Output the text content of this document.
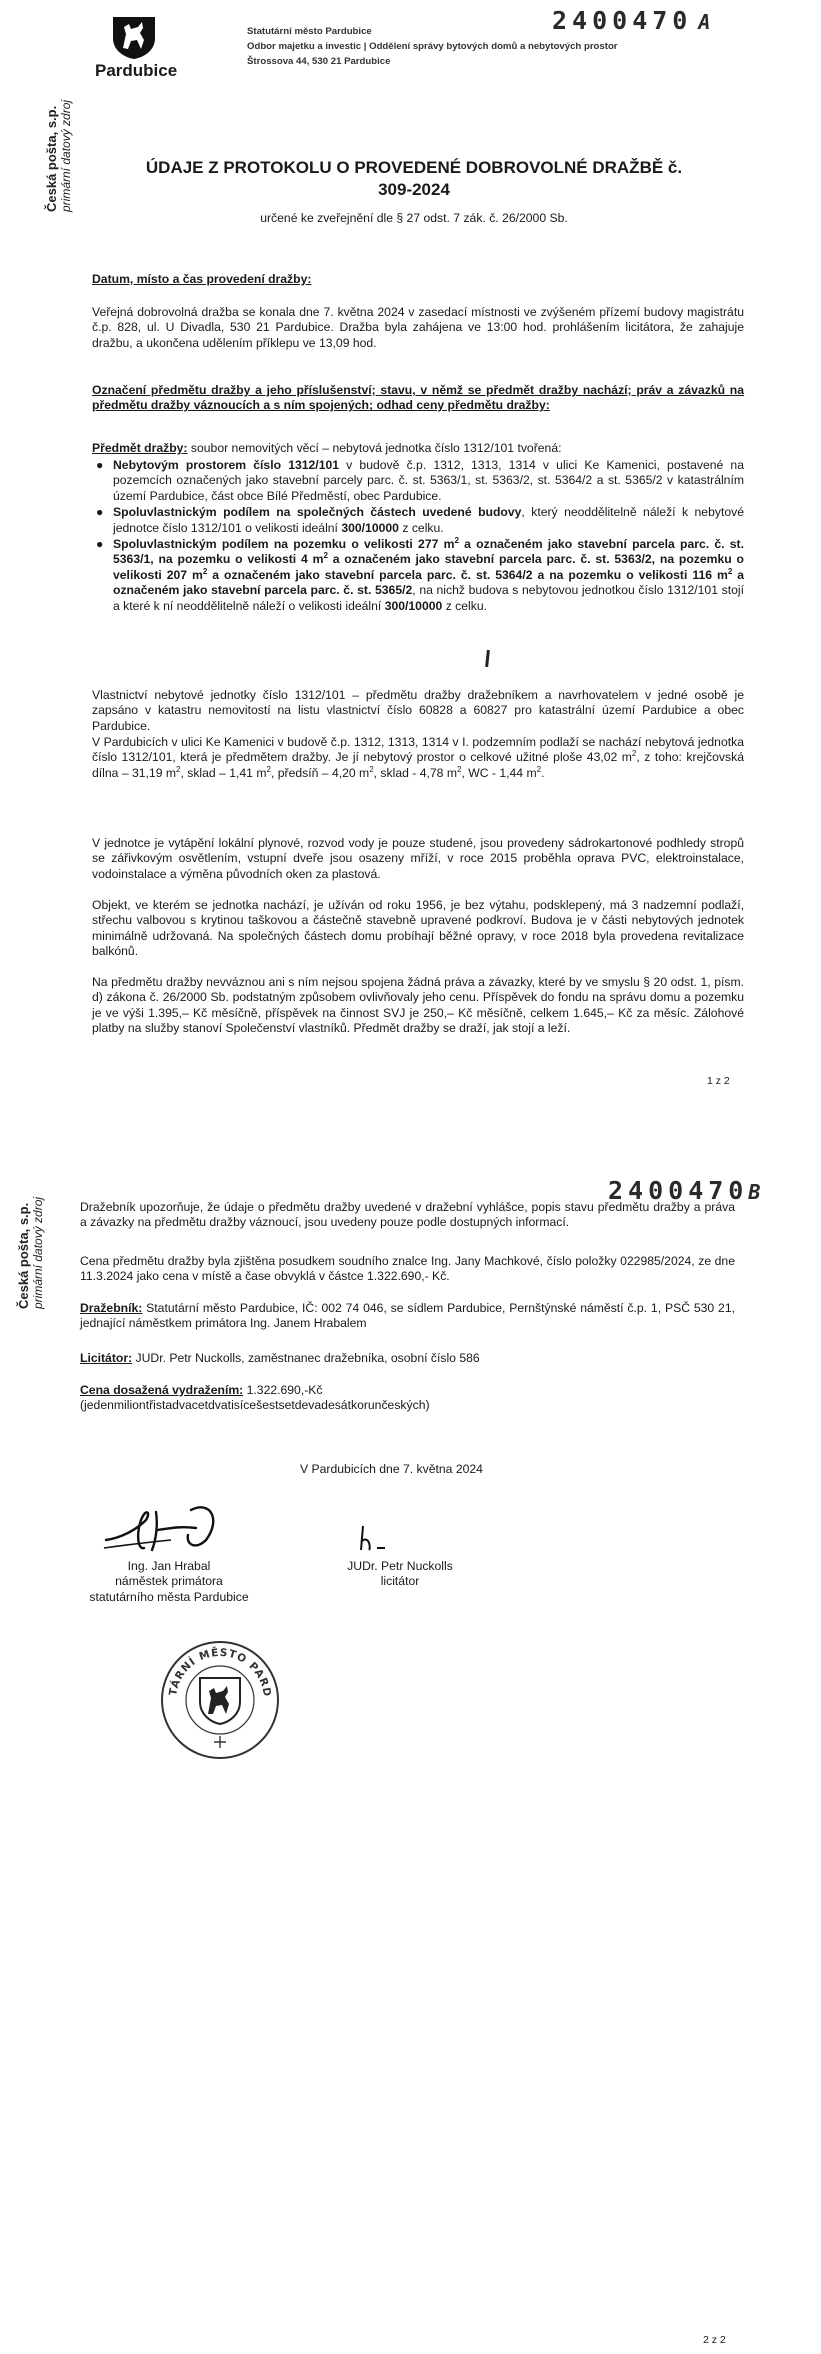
Česká pošta, s.p. primární datový zdroj
Pardubice
Statutární město Pardubice
Odbor majetku a investic | Oddělení správy bytových domů a nebytových prostor
Štrossova 44, 530 21 Pardubice
2400470 A
ÚDAJE Z PROTOKOLU O PROVEDENÉ DOBROVOLNÉ DRAŽBĚ č.
309-2024
určené ke zveřejnění dle § 27 odst. 7 zák. č. 26/2000 Sb.
Datum, místo a čas provedení dražby:
Veřejná dobrovolná dražba se konala dne 7. května 2024 v zasedací místnosti ve zvýšeném přízemí budovy magistrátu č.p. 828, ul. U Divadla, 530 21 Pardubice. Dražba byla zahájena ve 13:00 hod. prohlášením licitátora, že zahajuje dražbu, a ukončena udělením příklepu ve 13,09 hod.
Označení předmětu dražby a jeho příslušenství; stavu, v němž se předmět dražby nachází; práv a závazků na předmětu dražby váznoucích a s ním spojených; odhad ceny předmětu dražby:
Předmět dražby: soubor nemovitých věcí – nebytová jednotka číslo 1312/101 tvořená:
● Nebytovým prostorem číslo 1312/101 v budově č.p. 1312, 1313, 1314 v ulici Ke Kamenici, postavené na pozemcích označených jako stavební parcely parc. č. st. 5363/1, st. 5363/2, st. 5364/2 a st. 5365/2 v katastrálním území Pardubice, část obce Bílé Předměstí, obec Pardubice.
● Spoluvlastnickým podílem na společných částech uvedené budovy, který neoddělitelně náleží k nebytové jednotce číslo 1312/101 o velikosti ideální 300/10000 z celku.
● Spoluvlastnickým podílem na pozemku o velikosti 277 $m^2$ a označeném jako stavební parcela parc. č. st. 5363/1, na pozemku o velikosti 4 $m^2$ a označeném jako stavební parcela parc. č. st. 5363/2, na pozemku o velikosti 207 $m^2$ a označeném jako stavební parcela parc. č. st. 5364/2 a na pozemku o velikosti 116 $m^2$ a označeném jako stavební parcela parc. č. st. 5365/2, na nichž budova s nebytovou jednotkou číslo 1312/101 stojí a které k ní neoddělitelně náleží o velikosti ideální 300/10000 z celku.
Vlastnictví nebytové jednotky číslo 1312/101 – předmětu dražby dražebníkem a navrhovatelem v jedné osobě je zapsáno v katastru nemovitostí na listu vlastnictví číslo 60828 a 60827 pro katastrální území Pardubice a obec Pardubice.
V Pardubicích v ulici Ke Kamenici v budově č.p. 1312, 1313, 1314 v I. podzemním podlaží se nachází nebytová jednotka číslo 1312/101, která je předmětem dražby. Je jí nebytový prostor o celkové užitné ploše 43,02 $m^2$, z toho: krejčovská dílna – 31,19 $m^2$, sklad – 1,41 $m^2$, předsíň – 4,20 $m^2$, sklad - 4,78 $m^2$, WC - 1,44 $m^2$.
V jednotce je vytápění lokální plynové, rozvod vody je pouze studené, jsou provedeny sádrokartonové podhledy stropů se zářivkovým osvětlením, vstupní dveře jsou osazeny mříží, v roce 2015 proběhla oprava PVC, elektroinstalace, vodoinstalace a výměna původních oken za plastová.
Objekt, ve kterém se jednotka nachází, je užíván od roku 1956, je bez výtahu, podsklepený, má 3 nadzemní podlaží, střechu valbovou s krytinou taškovou a částečně stavebně upravené podkroví. Budova je v části nebytových jednotek minimálně udržovaná. Na společných částech domu probíhají běžné opravy, v roce 2018 byla provedena revitalizace balkónů.
Na předmětu dražby nevváznou ani s ním nejsou spojena žádná práva a závazky, které by ve smyslu § 20 odst. 1, písm. d) zákona č. 26/2000 Sb. podstatným způsobem ovlivňovaly jeho cenu. Příspěvek do fondu na správu domu a pozemku je ve výši 1.395,– Kč měsíčně, příspěvek na činnost SVJ je 250,– Kč měsíčně, celkem 1.645,– Kč za měsíc. Zálohové platby na služby stanoví Společenství vlastníků. Předmět dražby se draží, jak stojí a leží.
1 z 2
Česká pošta, s.p. primární datový zdroj
2400470B
Dražebník upozorňuje, že údaje o předmětu dražby uvedené v dražební vyhlášce, popis stavu předmětu dražby a práva a závazky na předmětu dražby váznoucí, jsou uvedeny pouze podle dostupných informací.
Cena předmětu dražby byla zjištěna posudkem soudního znalce Ing. Jany Machkové, číslo položky 022985/2024, ze dne 11.3.2024 jako cena v místě a čase obvyklá v částce 1.322.690,- Kč.
Dražebník: Statutární město Pardubice, IČ: 002 74 046, se sídlem Pardubice, Pernštýnské náměstí č.p. 1, PSČ 530 21, jednající náměstkem primátora Ing. Janem Hrabalem
Licitátor: JUDr. Petr Nuckolls, zaměstnanec dražebníka, osobní číslo 586
Cena dosažená vydražením: 1.322.690,-Kč
(jedenmiliontřistadvacetdvatisícešestsetdevadesátkorunčeských)
V Pardubicích dne 7. května 2024
Ing. Jan Hrabal
náměstek primátora
statutárního města Pardubice
JUDr. Petr Nuckolls
licitátor
TÁRNÍ MĚSTO PARD
2 z 2
